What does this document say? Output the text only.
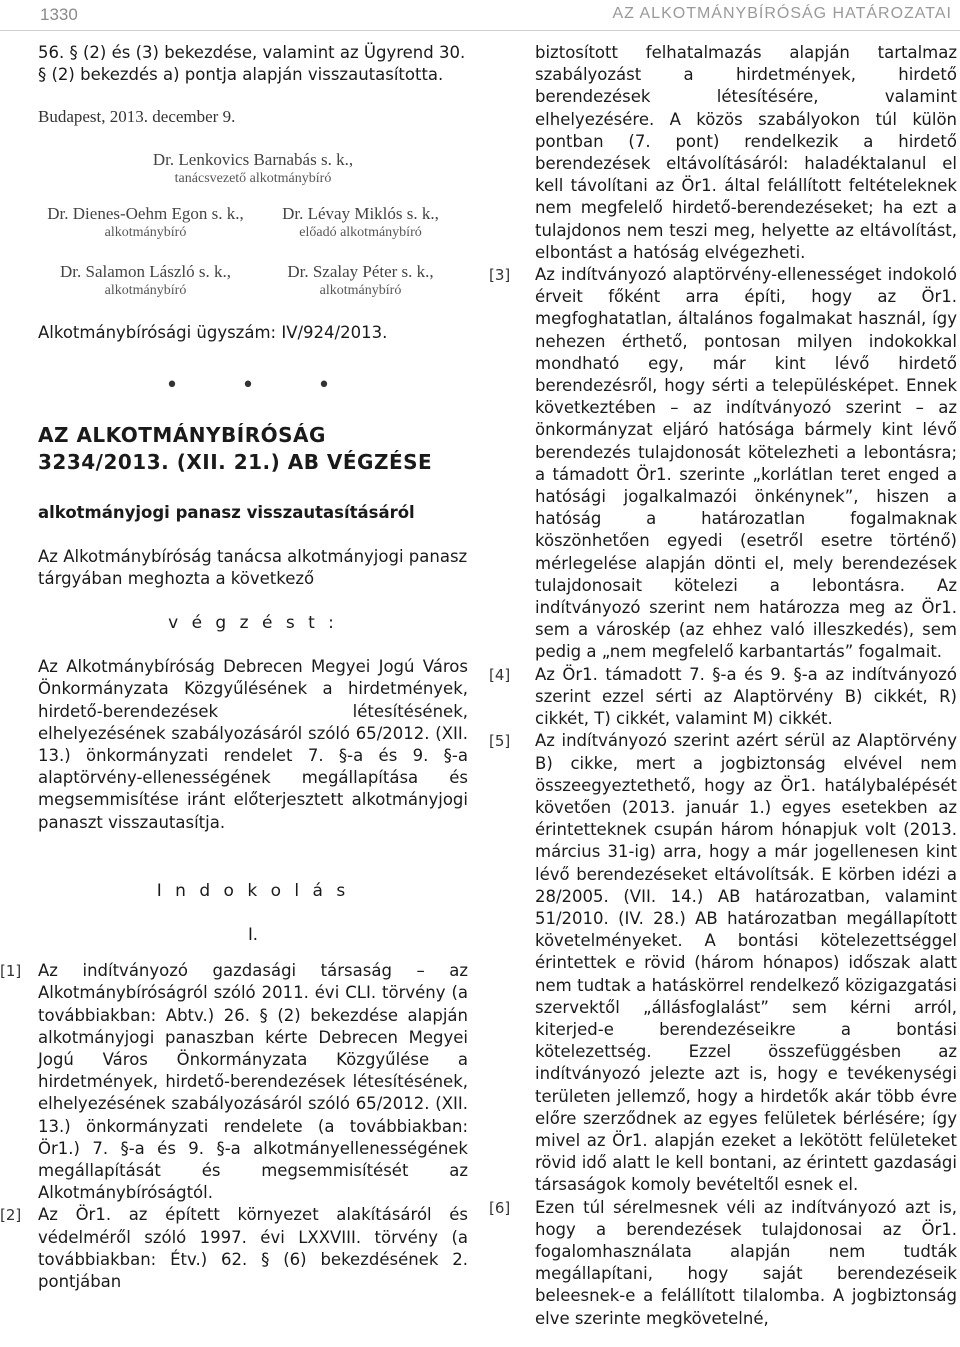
1330	AZ ALKOTMÁNYBÍRÓSÁG HATÁROZATAI

56. § (2) és (3) bekezdése, valamint az Ügyrend 30. § (2) bekezdés a) pontja alapján visszautasította.

Budapest, 2013. december 9.

Dr. Lenkovics Barnabás s. k.,
tanácsvezető alkotmánybíró
Dr. Dienes-Oehm Egon s. k.,
alkotmánybíró
Dr. Lévay Miklós s. k.,
előadó alkotmánybíró
Dr. Salamon László s. k.,
alkotmánybíró
Dr. Szalay Péter s. k.,
alkotmánybíró

Alkotmánybírósági ügyszám: IV/924/2013.

• • •

AZ ALKOTMÁNYBÍRÓSÁG

3234/2013. (XII. 21.) AB VÉGZÉSE

alkotmányjogi panasz visszautasításáról

Az Alkotmánybíróság tanácsa alkotmányjogi panasz tárgyában meghozta a következő

v é g z é s t :

Az Alkotmánybíróság Debrecen Megyei Jogú Város Önkormányzata Közgyűlésének a hirdetmények, hirdető-berendezések létesítésének, elhelyezésének szabályozásáról szóló 65/2012. (XII. 13.) önkormányzati rendelet 7. §-a és 9. §-a alaptörvény-ellenességének megállapítása és megsemmisítése iránt előterjesztett alkotmányjogi panaszt visszautasítja.

I n d o k o l á s

I.

[1] Az indítványozó gazdasági társaság – az Alkotmánybíróságról szóló 2011. évi CLI. törvény (a továbbiakban: Abtv.) 26. § (2) bekezdése alapján alkotmányjogi panaszban kérte Debrecen Megyei Jogú Város Önkormányzata Közgyűlése a hirdetmények, hirdető-berendezések létesítésének, elhelyezésének szabályozásáról szóló 65/2012. (XII. 13.) önkormányzati rendelete (a továbbiakban: Ör1.) 7. §-a és 9. §-a alkotmányellenességének megállapítását és megsemmisítését az Alkotmánybíróságtól.

[2] Az Ör1. az épített környezet alakításáról és védelméről szóló 1997. évi LXXVIII. törvény (a továbbiakban: Étv.) 62. § (6) bekezdésének 2. pontjában

biztosított felhatalmazás alapján tartalmaz szabályozást a hirdetmények, hirdető berendezések létesítésére, valamint elhelyezésére. A közös szabályokon túl külön pontban (7. pont) rendelkezik a hirdető berendezések eltávolításáról: haladéktalanul el kell távolítani az Ör1. által felállított feltételeknek nem megfelelő hirdető-berendezéseket; ha ezt a tulajdonos nem teszi meg, helyette az eltávolítást, elbontást a hatóság elvégezheti.

[3] Az indítványozó alaptörvény-ellenességet indokoló érveit főként arra építi, hogy az Ör1. megfoghatatlan, általános fogalmakat használ, így nehezen érthető, pontosan milyen indokokkal mondható egy, már kint lévő hirdető berendezésről, hogy sérti a településképet. Ennek következtében – az indítványozó szerint – az önkormányzat eljáró hatósága bármely kint lévő berendezés tulajdonosát kötelezheti a lebontásra; a támadott Ör1. szerinte „korlátlan teret enged a hatósági jogalkalmazói önkénynek”, hiszen a hatóság a határozatlan fogalmaknak köszönhetően egyedi (esetről esetre történő) mérlegelése alapján dönti el, mely berendezések tulajdonosait kötelezi a lebontásra. Az indítványozó szerint nem határozza meg az Ör1. sem a városkép (az ehhez való illeszkedés), sem pedig a „nem megfelelő karbantartás” fogalmait.

[4] Az Ör1. támadott 7. §-a és 9. §-a az indítványozó szerint ezzel sérti az Alaptörvény B) cikkét, R) cikkét, T) cikkét, valamint M) cikkét.

[5] Az indítványozó szerint azért sérül az Alaptörvény B) cikke, mert a jogbiztonság elvével nem összeegyeztethető, hogy az Ör1. hatálybalépését követően (2013. január 1.) egyes esetekben az érintetteknek csupán három hónapjuk volt (2013. március 31-ig) arra, hogy a már jogellenesen kint lévő berendezéseket eltávolítsák. E körben idézi a 28/2005. (VII. 14.) AB határozatban, valamint 51/2010. (IV. 28.) AB határozatban megállapított követelményeket. A bontási kötelezettséggel érintettek e rövid (három hónapos) időszak alatt nem tudtak a hatáskörrel rendelkező közigazgatási szervektől „állásfoglalást” sem kérni arról, kiterjed-e berendezéseikre a bontási kötelezettség. Ezzel összefüggésben az indítványozó jelezte azt is, hogy e tevékenységi területen jellemző, hogy a hirdetők akár több évre előre szerződnek az egyes felületek bérlésére; így mivel az Ör1. alapján ezeket a lekötött felületeket rövid idő alatt le kell bontani, az érintett gazdasági társaságok komoly bevételtől esnek el.

[6] Ezen túl sérelmesnek véli az indítványozó azt is, hogy a berendezések tulajdonosai az Ör1. fogalomhasználata alapján nem tudták megállapítani, hogy saját berendezéseik beleesnek-e a felállított tilalomba. A jogbiztonság elve szerinte megkövetelné,
